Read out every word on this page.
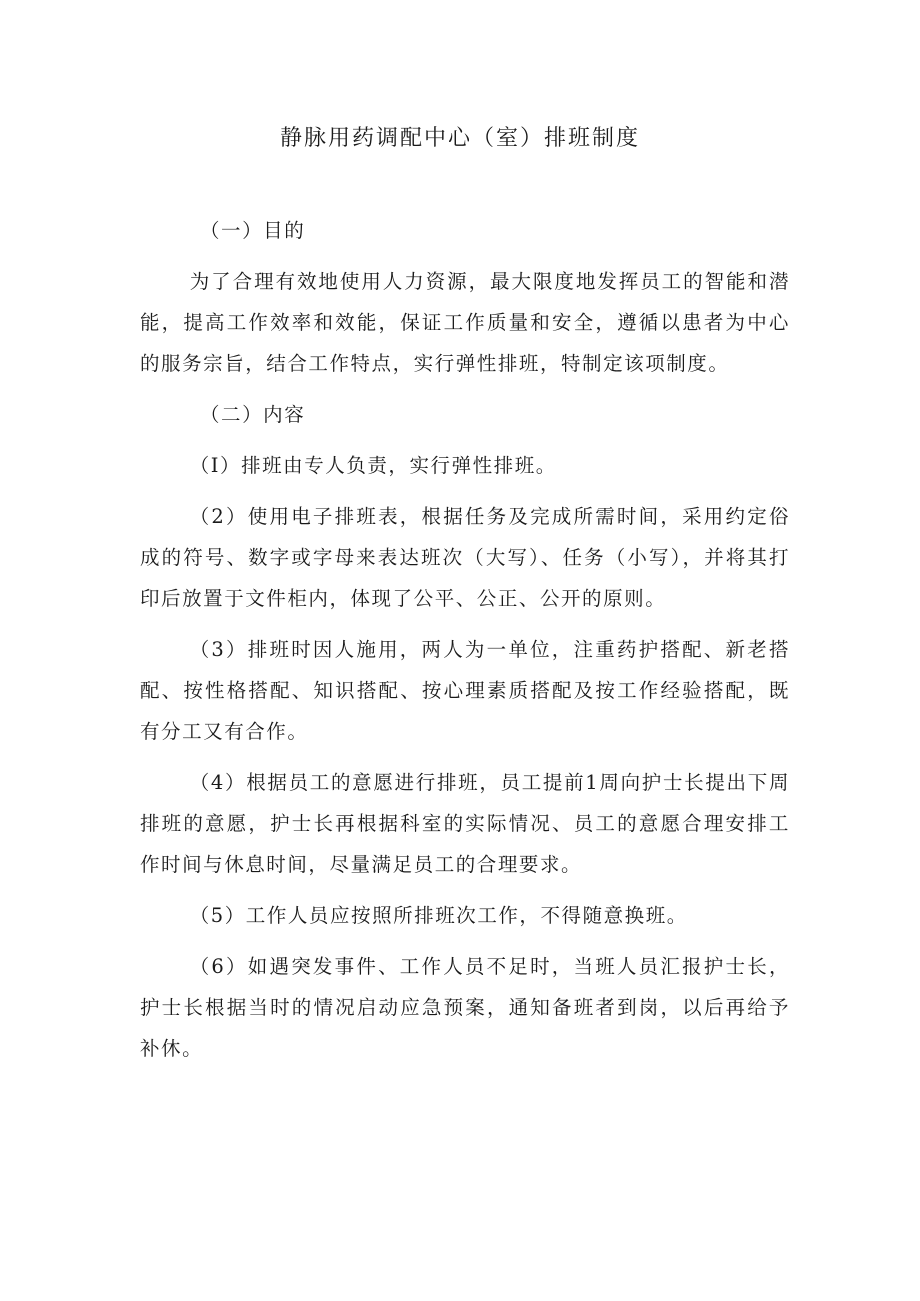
静脉用药调配中心（室）排班制度
（一）目的

为了合理有效地使用人力资源，最大限度地发挥员工的智能和潜能，提高工作效率和效能，保证工作质量和安全，遵循以患者为中心的服务宗旨，结合工作特点，实行弹性排班，特制定该项制度。

（二）内容

（I）排班由专人负责，实行弹性排班。

（2）使用电子排班表，根据任务及完成所需时间，采用约定俗成的符号、数字或字母来表达班次（大写）、任务（小写），并将其打印后放置于文件柜内，体现了公平、公正、公开的原则。

（3）排班时因人施用，两人为一单位，注重药护搭配、新老搭配、按性格搭配、知识搭配、按心理素质搭配及按工作经验搭配，既有分工又有合作。

（4）根据员工的意愿进行排班，员工提前1周向护士长提出下周排班的意愿，护士长再根据科室的实际情况、员工的意愿合理安排工作时间与休息时间，尽量满足员工的合理要求。

（5）工作人员应按照所排班次工作，不得随意换班。

（6）如遇突发事件、工作人员不足时，当班人员汇报护士长，护士长根据当时的情况启动应急预案，通知备班者到岗，以后再给予补休。
